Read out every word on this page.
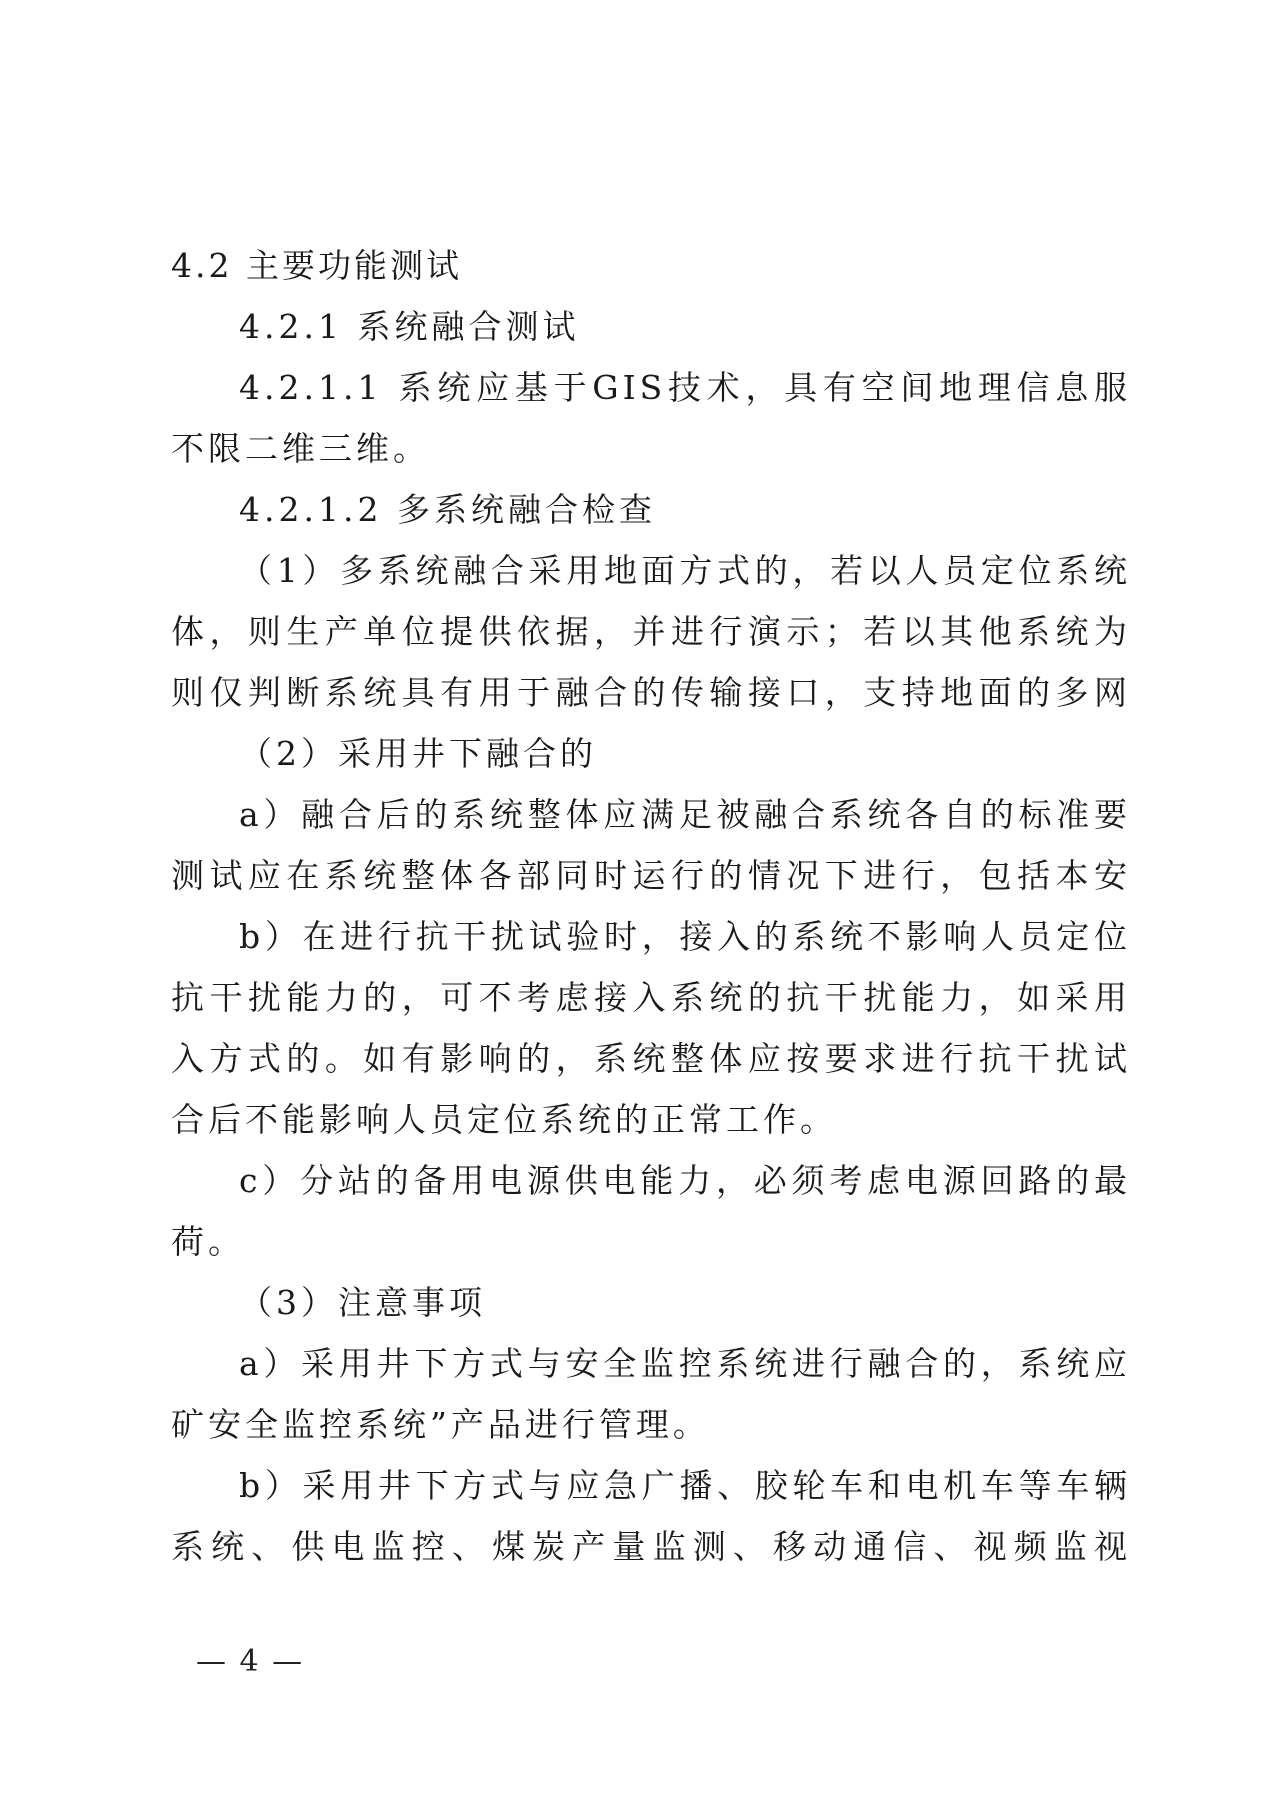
4.2 主要功能测试
4.2.1 系统融合测试
4.2.1.1 系统应基于GIS技术，具有空间地理信息服
不限二维三维。
4.2.1.2 多系统融合检查
（1）多系统融合采用地面方式的，若以人员定位系统
体，则生产单位提供依据，并进行演示；若以其他系统为
则仅判断系统具有用于融合的传输接口，支持地面的多网
（2）采用井下融合的
a）融合后的系统整体应满足被融合系统各自的标准要
测试应在系统整体各部同时运行的情况下进行，包括本安
b）在进行抗干扰试验时，接入的系统不影响人员定位
抗干扰能力的，可不考虑接入系统的抗干扰能力，如采用
入方式的。如有影响的，系统整体应按要求进行抗干扰试
合后不能影响人员定位系统的正常工作。
c）分站的备用电源供电能力，必须考虑电源回路的最
荷。
（3）注意事项
a）采用井下方式与安全监控系统进行融合的，系统应
矿安全监控系统”产品进行管理。
b）采用井下方式与应急广播、胶轮车和电机车等车辆
系统、供电监控、煤炭产量监测、移动通信、视频监视
— 4 —
